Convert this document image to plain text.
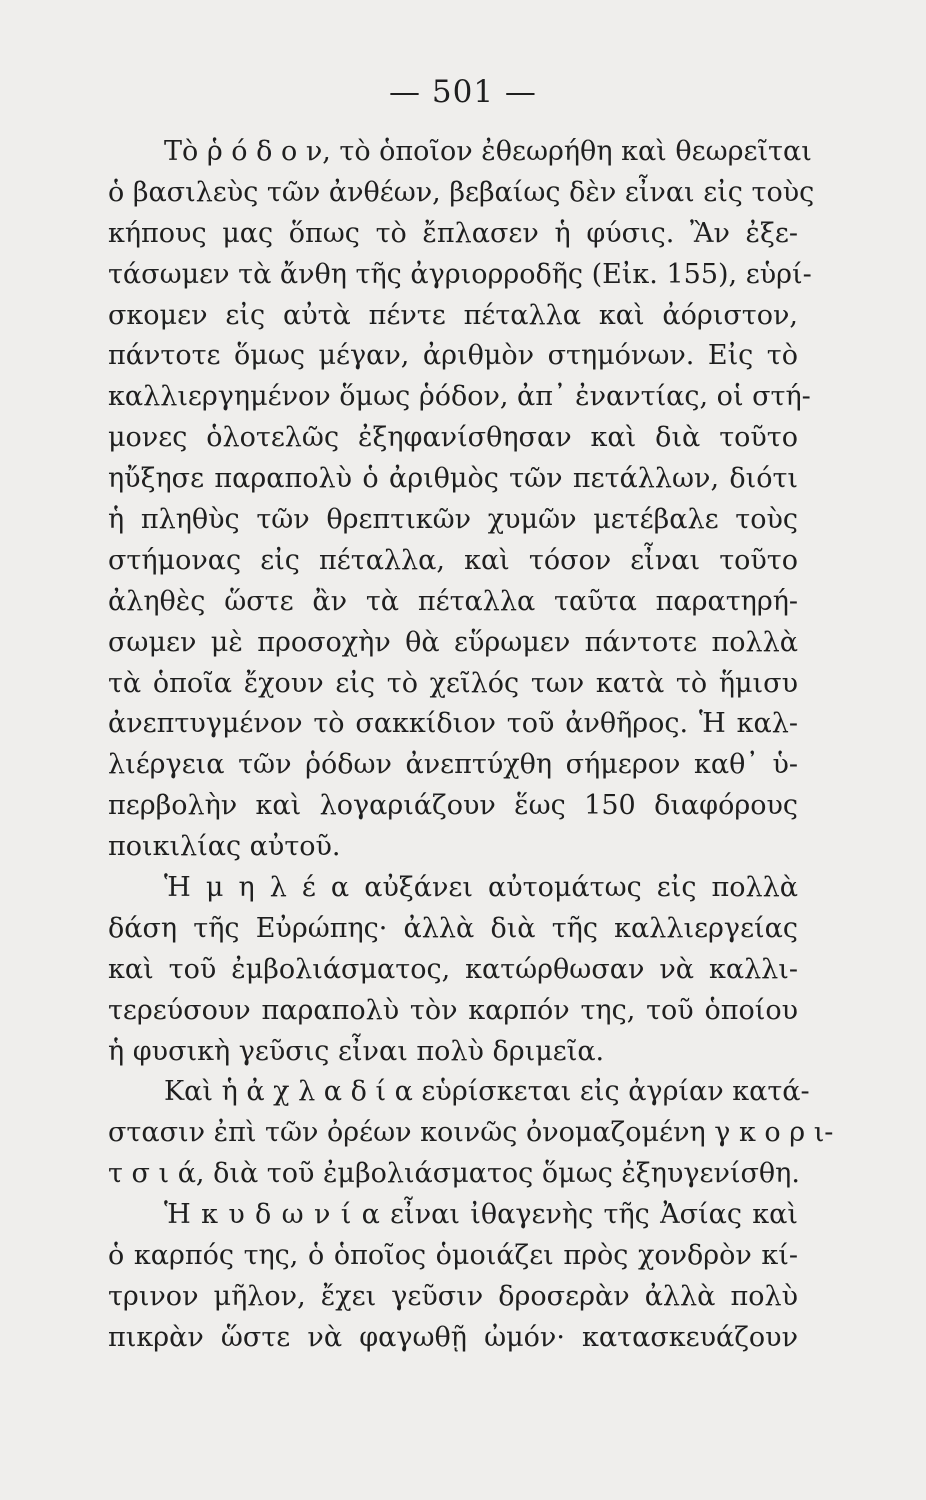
— 501 —
Τὸ ῥ ό δ ο ν, τὸ ὁποῖον ἐθεωρήθη καὶ θεωρεῖται
ὁ βασιλεὺς τῶν ἀνθέων, βεβαίως δὲν εἶναι εἰς τοὺς
κήπους μας ὅπως τὸ ἔπλασεν ἡ φύσις. Ἂν ἐξε-
τάσωμεν τὰ ἄνθη τῆς ἀγριορροδῆς (Εἰκ. 155), εὑρί-
σκομεν εἰς αὐτὰ πέντε πέταλλα καὶ ἀόριστον,
πάντοτε ὅμως μέγαν, ἀριθμὸν στημόνων. Εἰς τὸ
καλλιεργημένον ὅμως ῥόδον, ἀπ᾽ ἐναντίας, οἱ στή-
μονες ὁλοτελῶς ἐξηφανίσθησαν καὶ διὰ τοῦτο
ηὔξησε παραπολὺ ὁ ἀριθμὸς τῶν πετάλλων, διότι
ἡ πληθὺς τῶν θρεπτικῶν χυμῶν μετέβαλε τοὺς
στήμονας εἰς πέταλλα, καὶ τόσον εἶναι τοῦτο
ἀληθὲς ὥστε ἂν τὰ πέταλλα ταῦτα παρατηρή-
σωμεν μὲ προσοχὴν θὰ εὕρωμεν πάντοτε πολλὰ
τὰ ὁποῖα ἔχουν εἰς τὸ χεῖλός των κατὰ τὸ ἥμισυ
ἀνεπτυγμένον τὸ σακκίδιον τοῦ ἀνθῆρος. Ἡ καλ-
λιέργεια τῶν ῥόδων ἀνεπτύχθη σήμερον καθ᾽ ὑ-
περβολὴν καὶ λογαριάζουν ἕως 150 διαφόρους
ποικιλίας αὐτοῦ.
Ἡ μ η λ έ α αὐξάνει αὐτομάτως εἰς πολλὰ
δάση τῆς Εὐρώπης· ἀλλὰ διὰ τῆς καλλιεργείας
καὶ τοῦ ἐμβολιάσματος, κατώρθωσαν νὰ καλλι-
τερεύσουν παραπολὺ τὸν καρπόν της, τοῦ ὁποίου
ἡ φυσικὴ γεῦσις εἶναι πολὺ δριμεῖα.
Καὶ ἡ ἀ χ λ α δ ί α εὑρίσκεται εἰς ἀγρίαν κατά-
στασιν ἐπὶ τῶν ὀρέων κοινῶς ὀνομαζομένη γ κ ο ρ ι-
τ σ ι ά, διὰ τοῦ ἐμβολιάσματος ὅμως ἐξηυγενίσθη.
Ἡ κ υ δ ω ν ί α εἶναι ἰθαγενὴς τῆς Ἀσίας καὶ
ὁ καρπός της, ὁ ὁποῖος ὁμοιάζει πρὸς χονδρὸν κί-
τρινον μῆλον, ἔχει γεῦσιν δροσερὰν ἀλλὰ πολὺ
πικρὰν ὥστε νὰ φαγωθῇ ὠμόν· κατασκευάζουν
